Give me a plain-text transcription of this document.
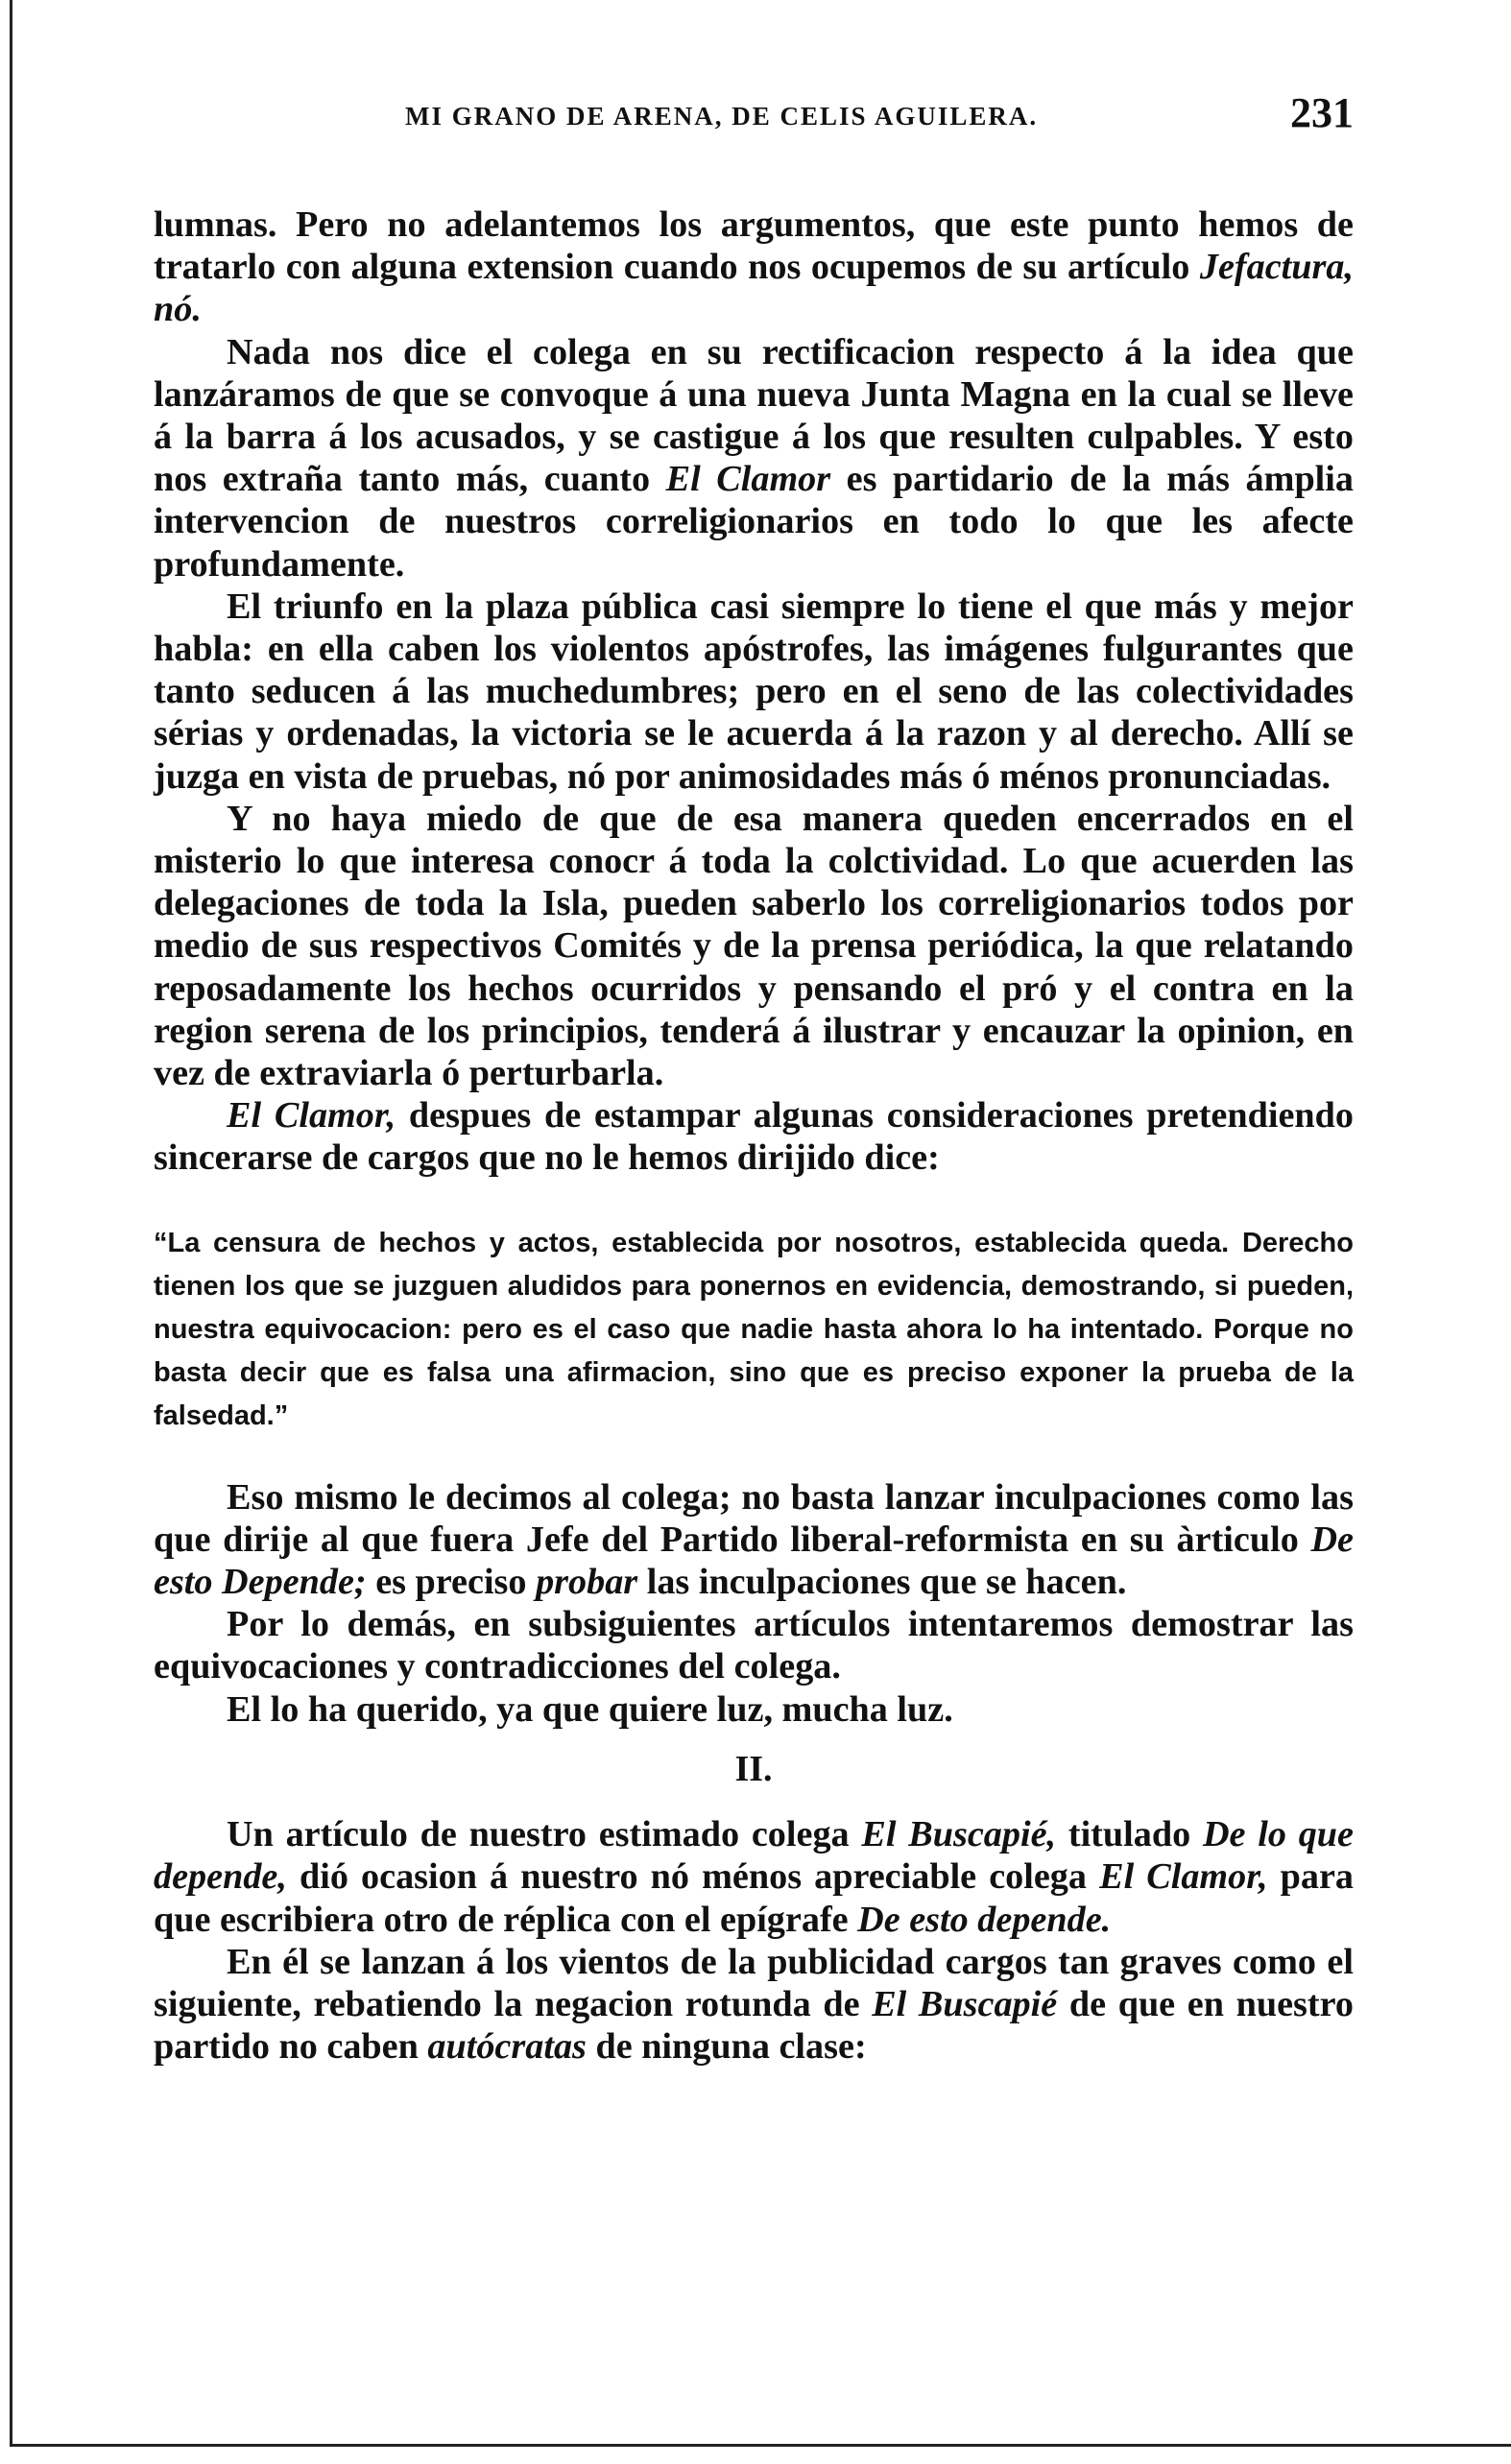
MI GRANO DE ARENA, DE CELIS AGUILERA.	231

lumnas. Pero no adelantemos los argumentos, que este punto hemos de tratarlo con alguna extension cuando nos ocupemos de su artículo Jefactura, nó.

Nada nos dice el colega en su rectificacion respecto á la idea que lanzáramos de que se convoque á una nueva Junta Magna en la cual se lleve á la barra á los acusados, y se castigue á los que resulten culpables. Y esto nos extraña tanto más, cuanto El Clamor es partidario de la más ámplia intervencion de nuestros correligionarios en todo lo que les afecte profundamente.

El triunfo en la plaza pública casi siempre lo tiene el que más y mejor habla: en ella caben los violentos apóstrofes, las imágenes fulgurantes que tanto seducen á las muchedumbres; pero en el seno de las colectividades sérias y ordenadas, la victoria se le acuerda á la razon y al derecho. Allí se juzga en vista de pruebas, nó por animosidades más ó ménos pronunciadas.

Y no haya miedo de que de esa manera queden encerrados en el misterio lo que interesa conocr á toda la colctividad. Lo que acuerden las delegaciones de toda la Isla, pueden saberlo los correligionarios todos por medio de sus respectivos Comités y de la prensa periódica, la que relatando reposadamente los hechos ocurridos y pensando el pró y el contra en la region serena de los principios, tenderá á ilustrar y encauzar la opinion, en vez de extraviarla ó perturbarla.

El Clamor, despues de estampar algunas consideraciones pretendiendo sincerarse de cargos que no le hemos dirijido dice:

“La censura de hechos y actos, establecida por nosotros, establecida queda. Derecho tienen los que se juzguen aludidos para ponernos en evidencia, demostrando, si pueden, nuestra equivocacion: pero es el caso que nadie hasta ahora lo ha intentado. Porque no basta decir que es falsa una afirmacion, sino que es preciso exponer la prueba de la falsedad.”

Eso mismo le decimos al colega; no basta lanzar inculpaciones como las que dirije al que fuera Jefe del Partido liberal-reformista en su àrticulo De esto Depende; es preciso probar las inculpaciones que se hacen.

Por lo demás, en subsiguientes artículos intentaremos demostrar las equivocaciones y contradicciones del colega.

El lo ha querido, ya que quiere luz, mucha luz.

II.

Un artículo de nuestro estimado colega El Buscapié, titulado De lo que depende, dió ocasion á nuestro nó ménos apreciable colega El Clamor, para que escribiera otro de réplica con el epígrafe De esto depende.

En él se lanzan á los vientos de la publicidad cargos tan graves como el siguiente, rebatiendo la negacion rotunda de El Buscapié de que en nuestro partido no caben autócratas de ninguna clase:
